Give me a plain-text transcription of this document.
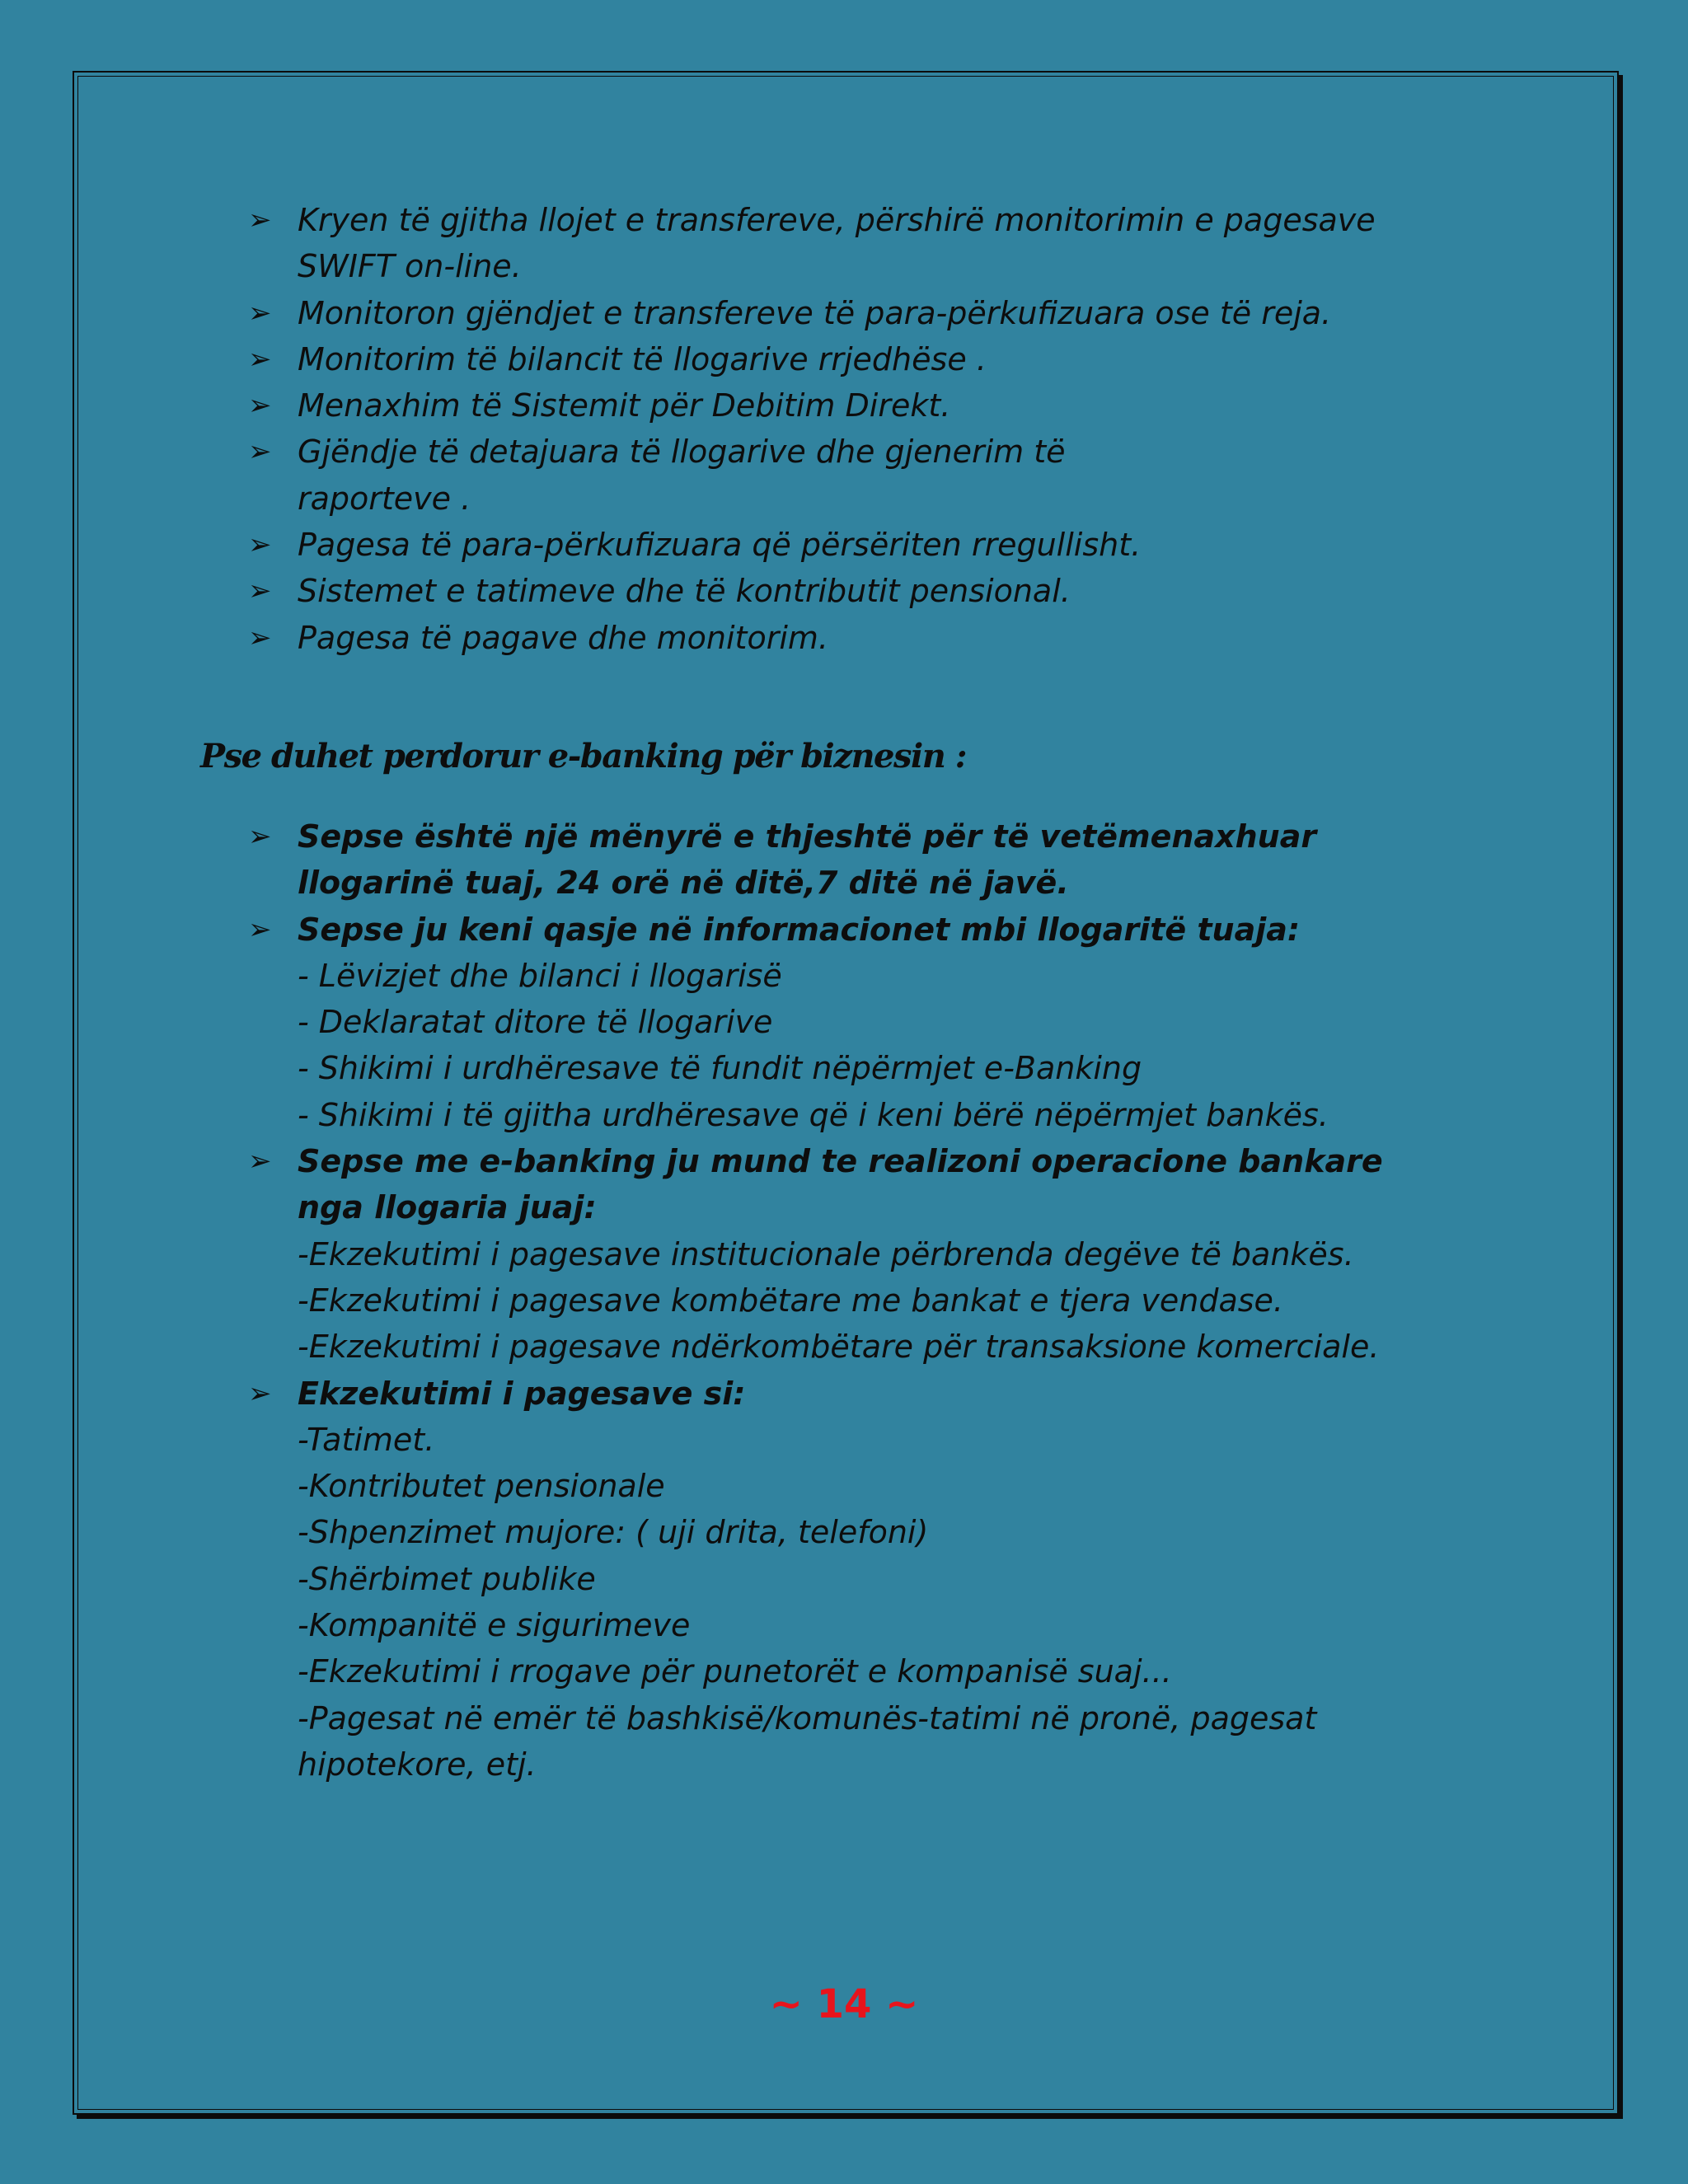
➢ Kryen të gjitha llojet e transfereve, përshirë monitorimin e pagesave
SWIFT on-line.
➢ Monitoron gjëndjet e transfereve të para-përkufizuara ose të reja.
➢ Monitorim të bilancit të llogarive rrjedhëse .
➢ Menaxhim të Sistemit për Debitim Direkt.
➢ Gjëndje të detajuara të llogarive dhe gjenerim të
raporteve .
➢ Pagesa të para-përkufizuara që përsëriten rregullisht.
➢ Sistemet e tatimeve dhe të kontributit pensional.
➢ Pagesa të pagave dhe monitorim.
Pse duhet perdorur e-banking për biznesin :
➢ Sepse është një mënyrë e thjeshtë për të vetëmenaxhuar
llogarinë tuaj, 24 orë në ditë,7 ditë në javë.
➢ Sepse ju keni qasje në informacionet mbi llogaritë tuaja:
- Lëvizjet dhe bilanci i llogarisë
- Deklaratat ditore të llogarive
- Shikimi i urdhëresave të fundit nëpërmjet e-Banking
- Shikimi i të gjitha urdhëresave që i keni bërë nëpërmjet bankës.
➢ Sepse me e-banking ju mund te realizoni operacione bankare
nga llogaria juaj:
-Ekzekutimi i pagesave institucionale përbrenda degëve të bankës.
-Ekzekutimi i pagesave kombëtare me bankat e tjera vendase.
-Ekzekutimi i pagesave ndërkombëtare për transaksione komerciale.
➢ Ekzekutimi i pagesave si:
-Tatimet.
-Kontributet pensionale
-Shpenzimet mujore: ( uji drita, telefoni)
-Shërbimet publike
-Kompanitë e sigurimeve
-Ekzekutimi i rrogave për punetorët e kompanisë suaj...
-Pagesat në emër të bashkisë/komunës-tatimi në pronë, pagesat
hipotekore, etj.
~ 14 ~
